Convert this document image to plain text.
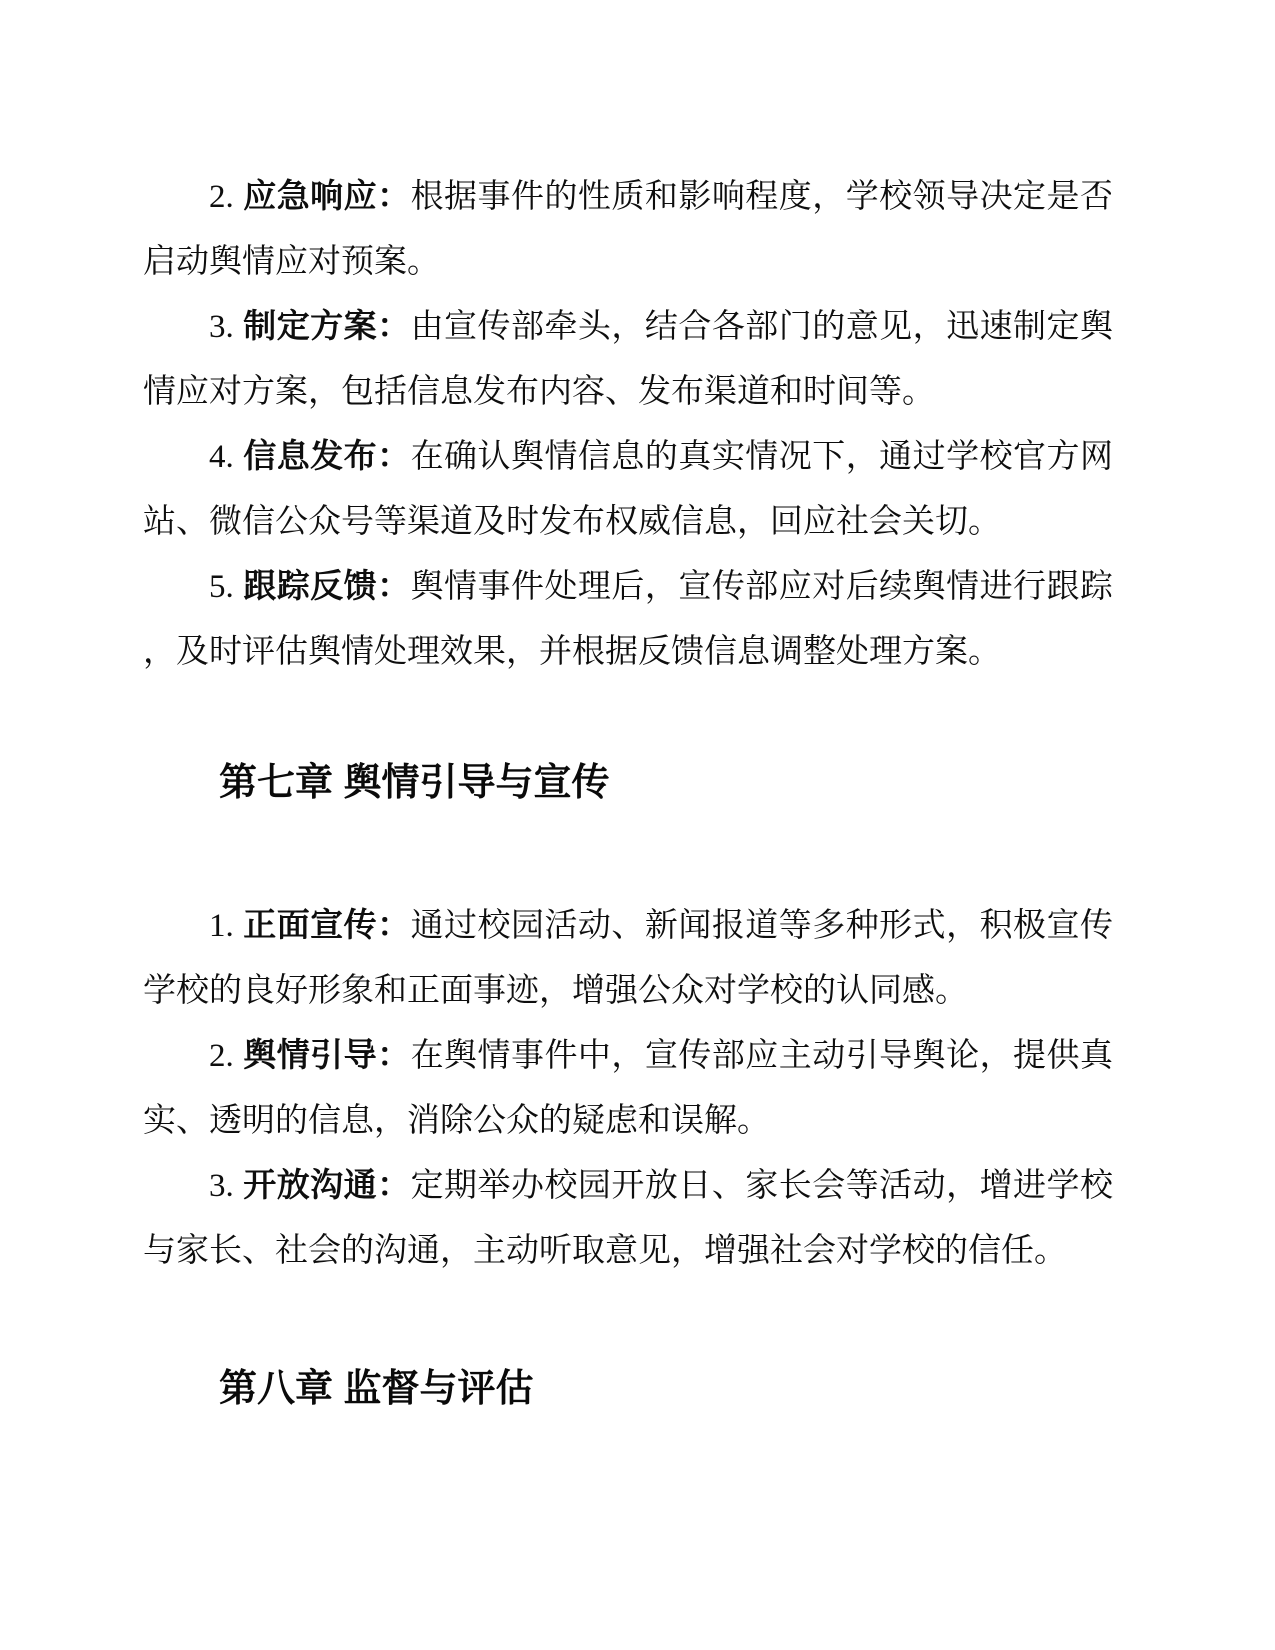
2. 应急响应：根据事件的性质和影响程度，学校领导决定是否
启动舆情应对预案。
3. 制定方案：由宣传部牵头，结合各部门的意见，迅速制定舆
情应对方案，包括信息发布内容、发布渠道和时间等。
4. 信息发布：在确认舆情信息的真实情况下，通过学校官方网
站、微信公众号等渠道及时发布权威信息，回应社会关切。
5. 跟踪反馈：舆情事件处理后，宣传部应对后续舆情进行跟踪
，及时评估舆情处理效果，并根据反馈信息调整处理方案。
第七章 舆情引导与宣传
1. 正面宣传：通过校园活动、新闻报道等多种形式，积极宣传
学校的良好形象和正面事迹，增强公众对学校的认同感。
2. 舆情引导：在舆情事件中，宣传部应主动引导舆论，提供真
实、透明的信息，消除公众的疑虑和误解。
3. 开放沟通：定期举办校园开放日、家长会等活动，增进学校
与家长、社会的沟通，主动听取意见，增强社会对学校的信任。
第八章 监督与评估
